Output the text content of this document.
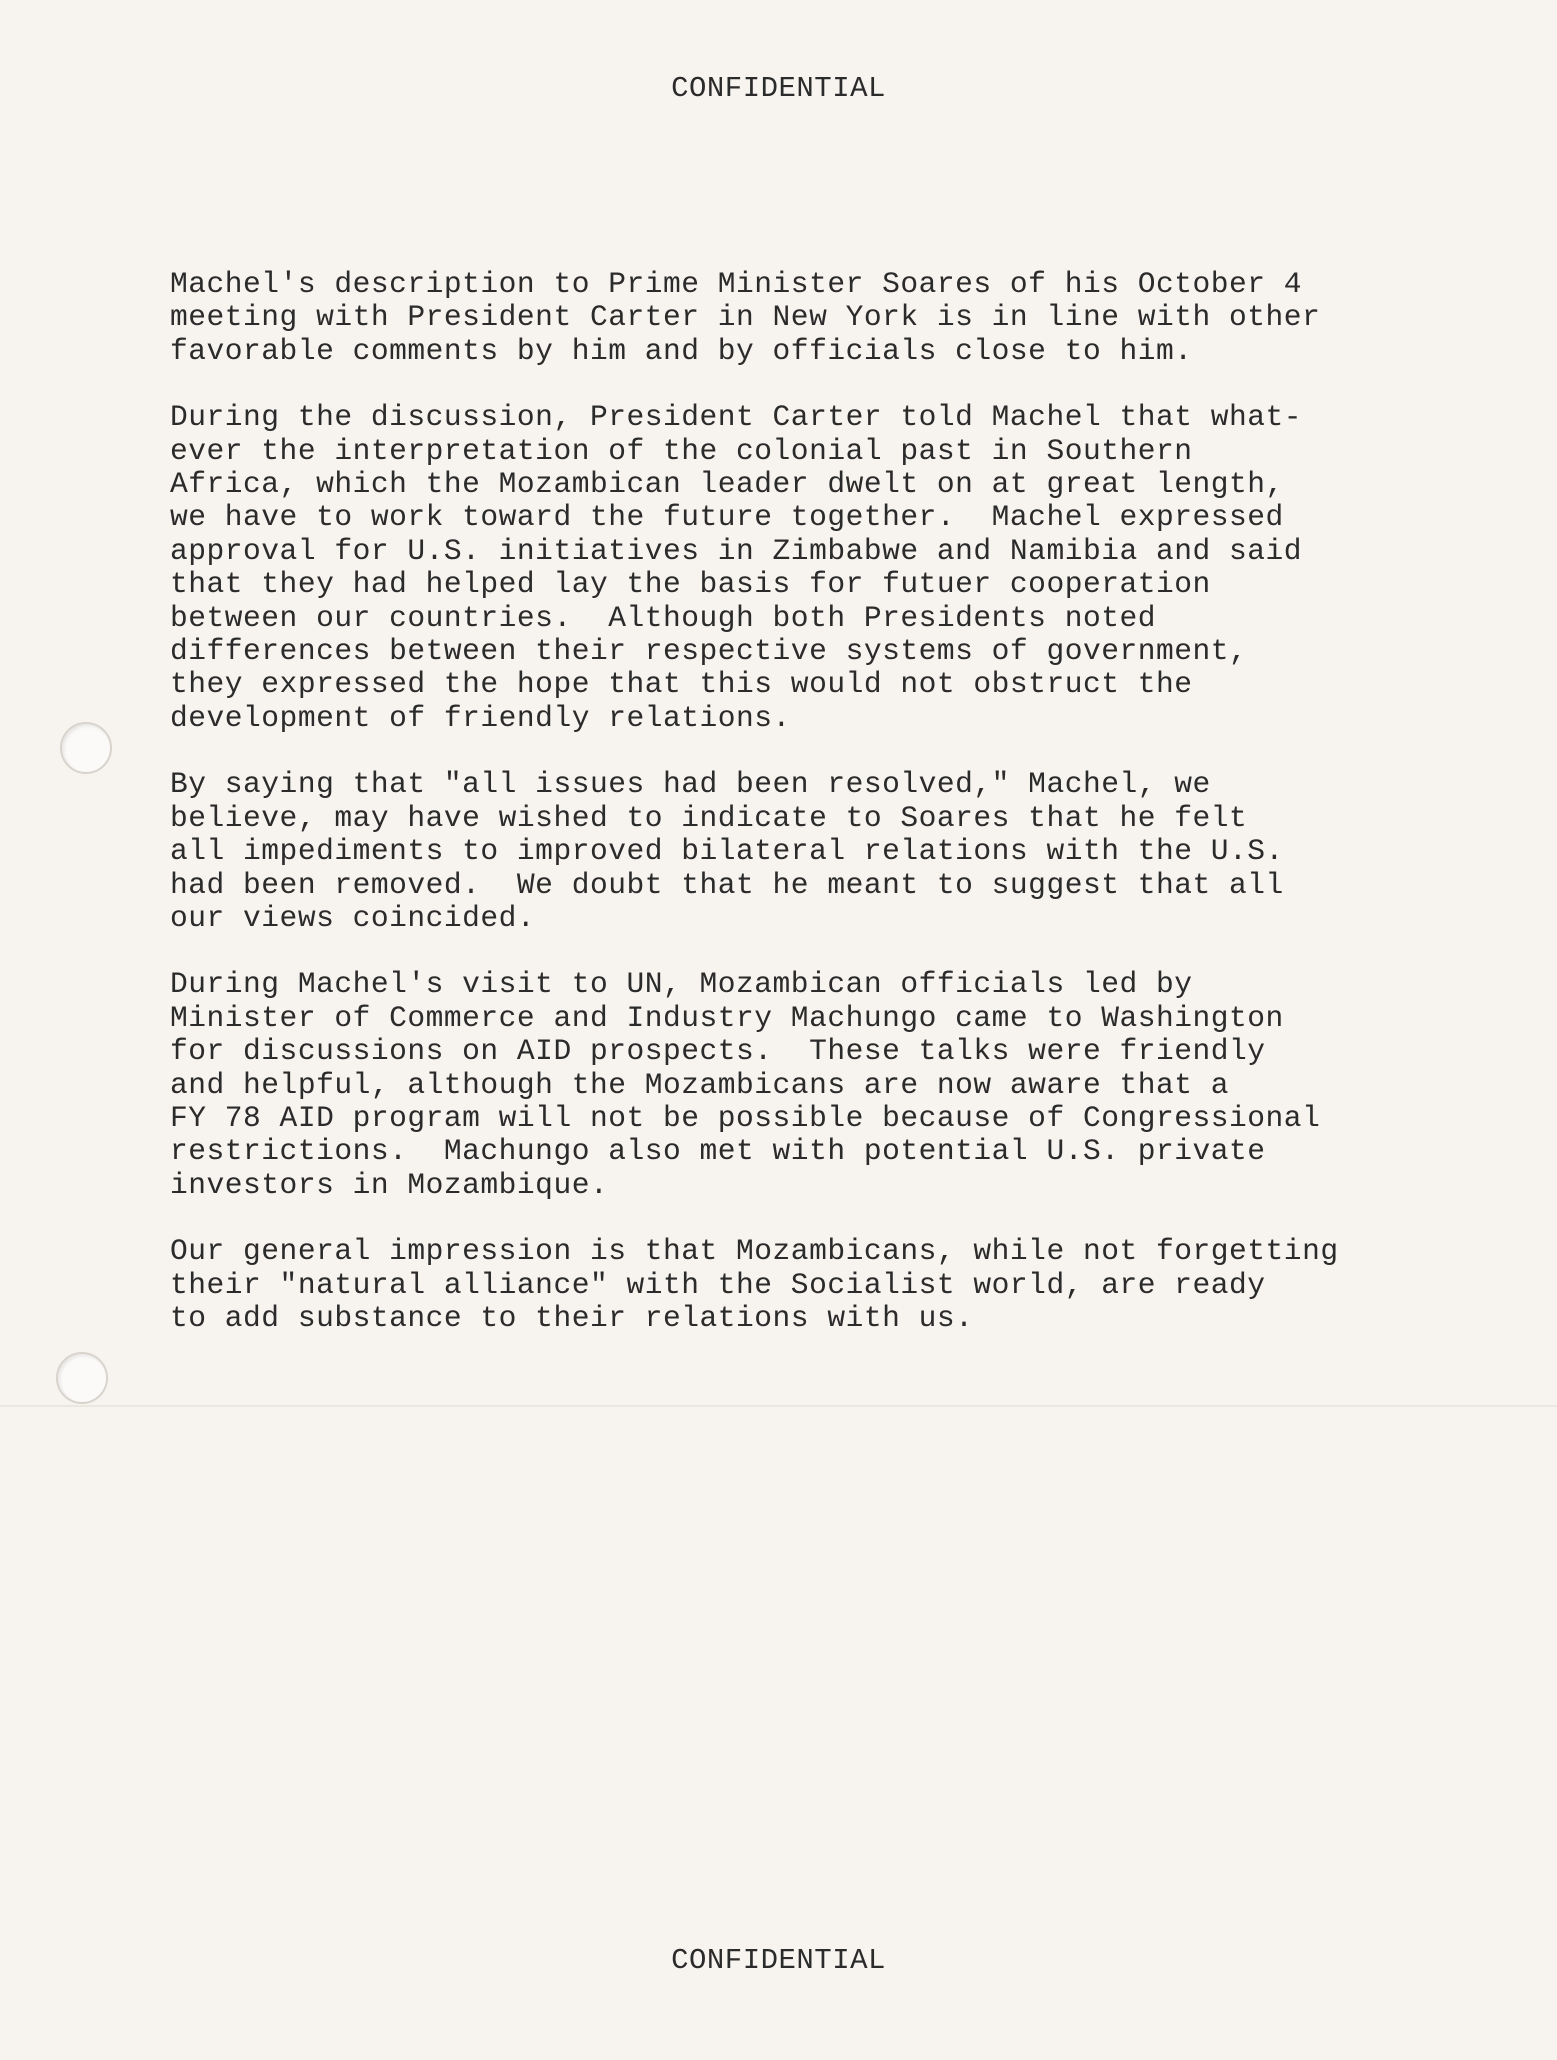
CONFIDENTIAL
Machel's description to Prime Minister Soares of his October 4
meeting with President Carter in New York is in line with other
favorable comments by him and by officials close to him.
During the discussion, President Carter told Machel that what-
ever the interpretation of the colonial past in Southern
Africa, which the Mozambican leader dwelt on at great length,
we have to work toward the future together.  Machel expressed
approval for U.S. initiatives in Zimbabwe and Namibia and said
that they had helped lay the basis for futuer cooperation
between our countries.  Although both Presidents noted
differences between their respective systems of government,
they expressed the hope that this would not obstruct the
development of friendly relations.
By saying that "all issues had been resolved," Machel, we
believe, may have wished to indicate to Soares that he felt
all impediments to improved bilateral relations with the U.S.
had been removed.  We doubt that he meant to suggest that all
our views coincided.
During Machel's visit to UN, Mozambican officials led by
Minister of Commerce and Industry Machungo came to Washington
for discussions on AID prospects.  These talks were friendly
and helpful, although the Mozambicans are now aware that a
FY 78 AID program will not be possible because of Congressional
restrictions.  Machungo also met with potential U.S. private
investors in Mozambique.
Our general impression is that Mozambicans, while not forgetting
their "natural alliance" with the Socialist world, are ready
to add substance to their relations with us.
CONFIDENTIAL
